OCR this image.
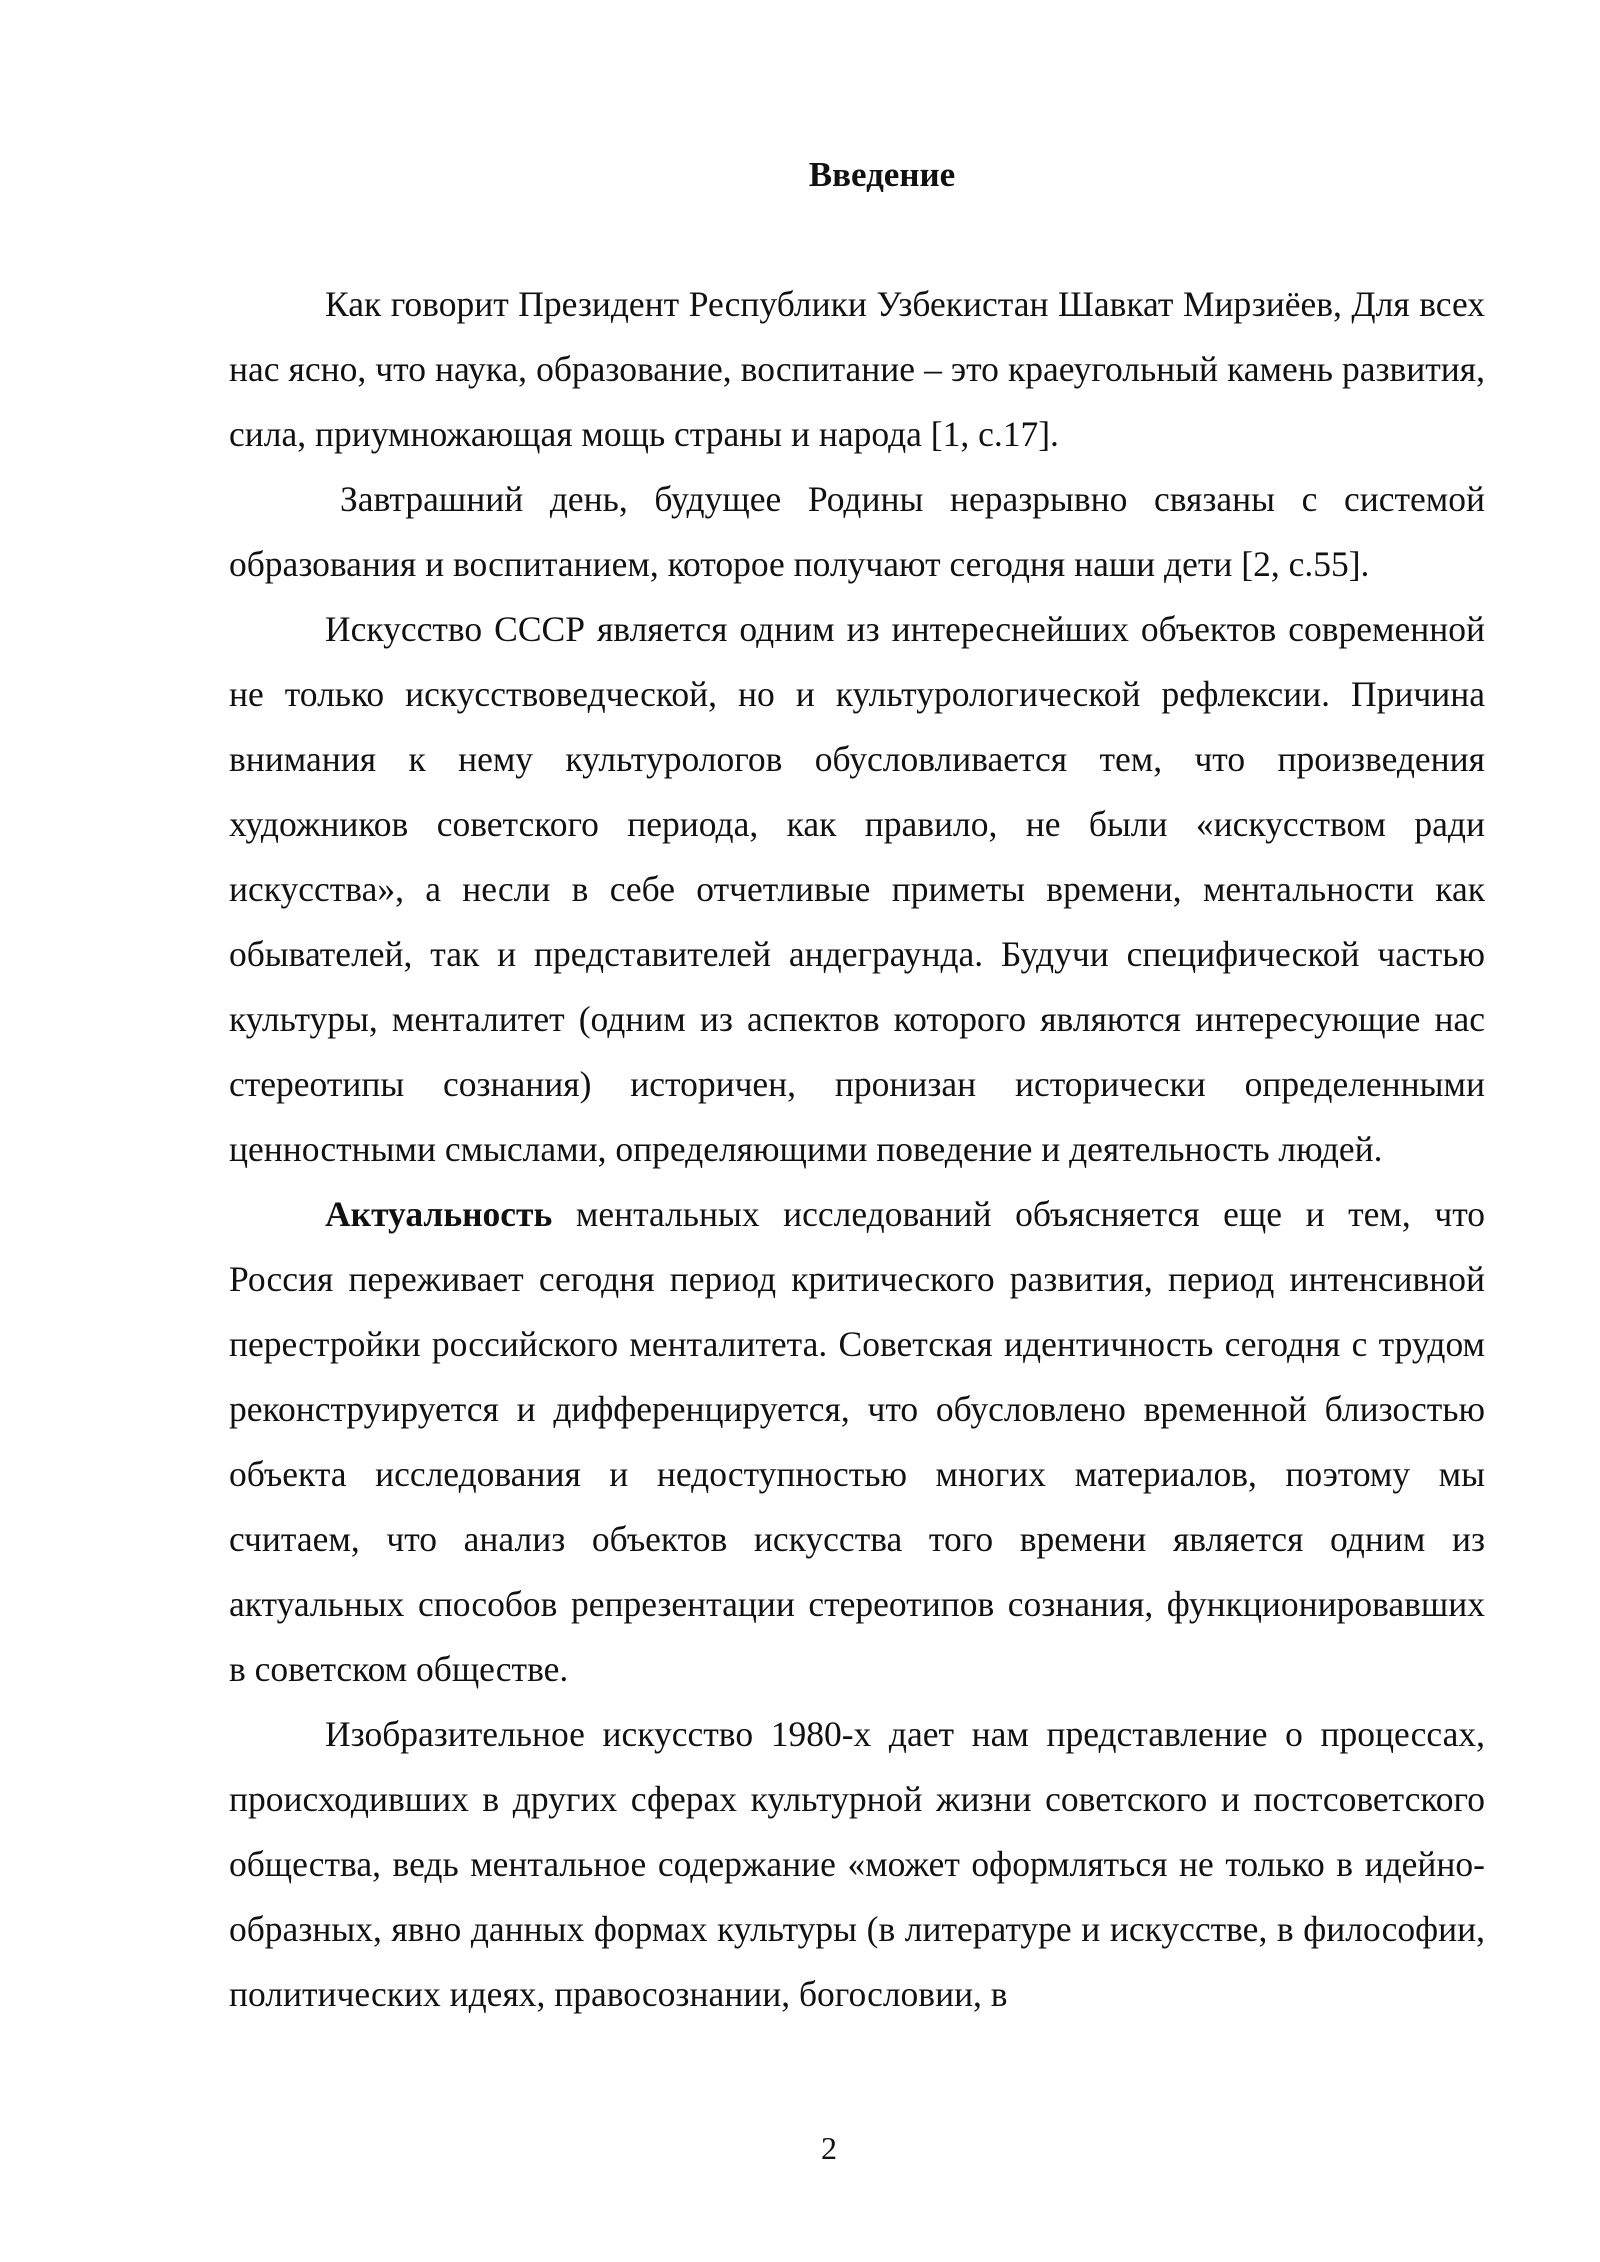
Введение

Как говорит Президент Республики Узбекистан Шавкат Мирзиёев, Для всех нас ясно, что наука, образование, воспитание – это краеугольный камень развития, сила, приумножающая мощь страны и народа [1, с.17].

Завтрашний день, будущее Родины неразрывно связаны с системой образования и воспитанием, которое получают сегодня наши дети [2, с.55].

Искусство СССР является одним из интереснейших объектов современной не только искусствоведческой, но и культурологической рефлексии. Причина внимания к нему культурологов обусловливается тем, что произведения художников советского периода, как правило, не были «искусством ради искусства», а несли в себе отчетливые приметы времени, ментальности как обывателей, так и представителей андеграунда. Будучи специфической частью культуры, менталитет (одним из аспектов которого являются интересующие нас стереотипы сознания) историчен, пронизан исторически определенными ценностными смыслами, определяющими поведение и деятельность людей.

Актуальность ментальных исследований объясняется еще и тем, что Россия переживает сегодня период критического развития, период интенсивной перестройки российского менталитета. Советская идентичность сегодня с трудом реконструируется и дифференцируется, что обусловлено временной близостью объекта исследования и недоступностью многих материалов, поэтому мы считаем, что анализ объектов искусства того времени является одним из актуальных способов репрезентации стереотипов сознания, функционировавших в советском обществе.

Изобразительное искусство 1980-х дает нам представление о процессах, происходивших в других сферах культурной жизни советского и постсоветского общества, ведь ментальное содержание «может оформляться не только в идейно-образных, явно данных формах культуры (в литературе и искусстве, в философии, политических идеях, правосознании, богословии, в

2
